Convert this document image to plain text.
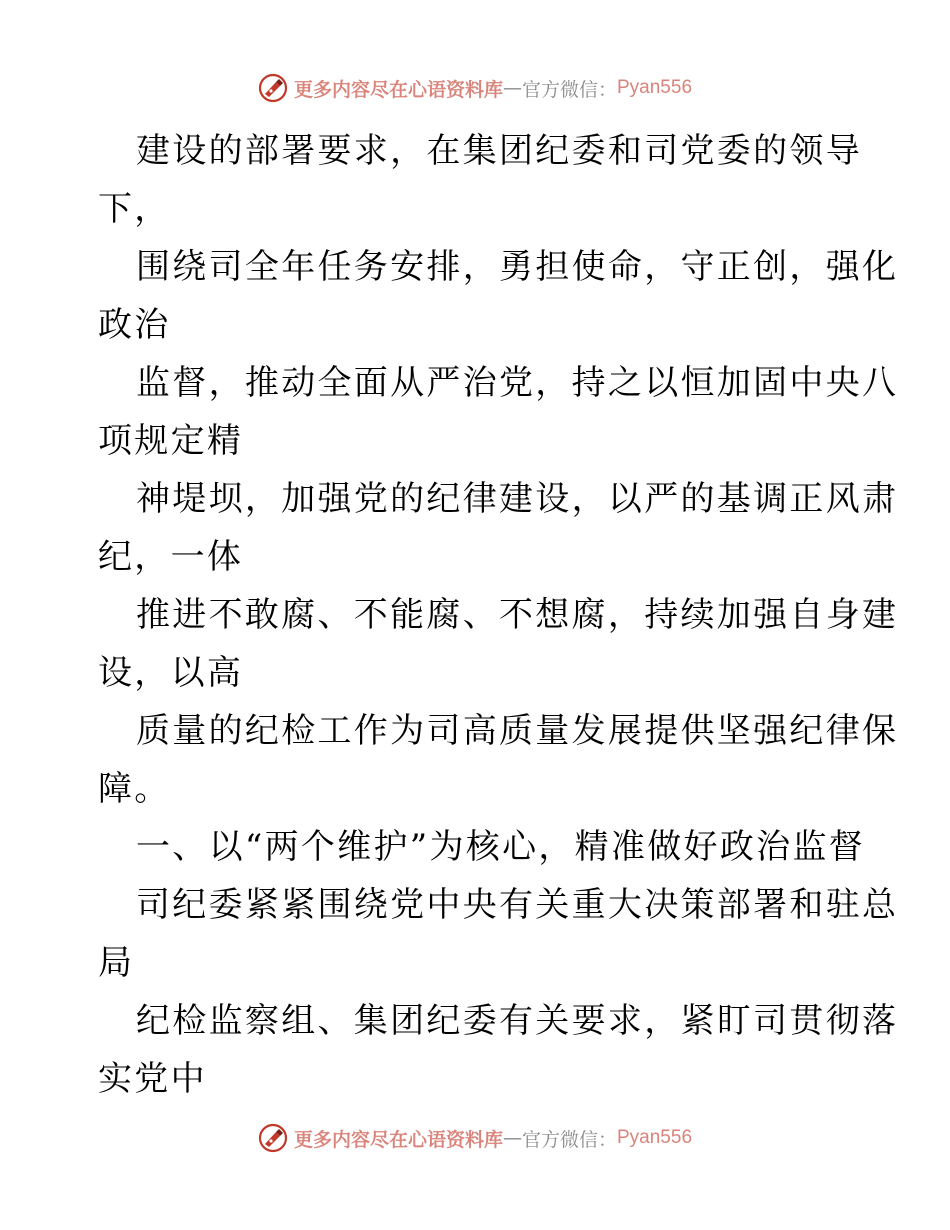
更多内容尽在心语资料库 — 官方微信： Pyan556
建设的部署要求，在集团纪委和司党委的领导
下，
围绕司全年任务安排，勇担使命，守正创，强化
政治
监督，推动全面从严治党，持之以恒加固中央八
项规定精
神堤坝，加强党的纪律建设，以严的基调正风肃
纪，一体
推进不敢腐、不能腐、不想腐，持续加强自身建
设，以高
质量的纪检工作为司高质量发展提供坚强纪律保
障。
一、以“两个维护”为核心，精准做好政治监督
司纪委紧紧围绕党中央有关重大决策部署和驻总
局
纪检监察组、集团纪委有关要求，紧盯司贯彻落
实党中
更多内容尽在心语资料库 — 官方微信： Pyan556
